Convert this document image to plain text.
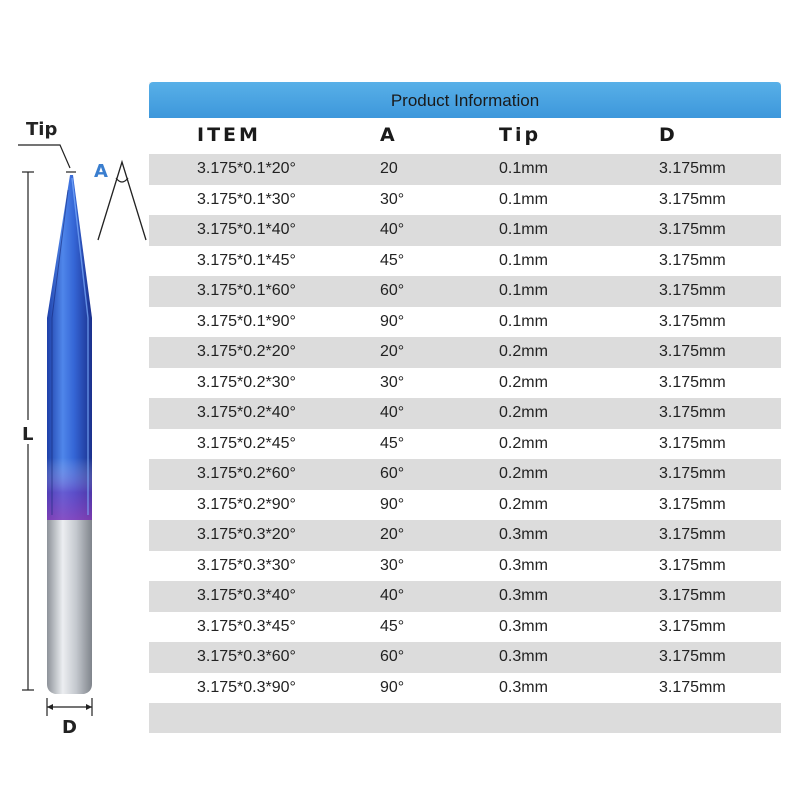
Tip
A
L
D
Product Information
ITEM	A	Tip	D
3.175*0.1*20°	20	0.1mm	3.175mm
3.175*0.1*30°	30°	0.1mm	3.175mm
3.175*0.1*40°	40°	0.1mm	3.175mm
3.175*0.1*45°	45°	0.1mm	3.175mm
3.175*0.1*60°	60°	0.1mm	3.175mm
3.175*0.1*90°	90°	0.1mm	3.175mm
3.175*0.2*20°	20°	0.2mm	3.175mm
3.175*0.2*30°	30°	0.2mm	3.175mm
3.175*0.2*40°	40°	0.2mm	3.175mm
3.175*0.2*45°	45°	0.2mm	3.175mm
3.175*0.2*60°	60°	0.2mm	3.175mm
3.175*0.2*90°	90°	0.2mm	3.175mm
3.175*0.3*20°	20°	0.3mm	3.175mm
3.175*0.3*30°	30°	0.3mm	3.175mm
3.175*0.3*40°	40°	0.3mm	3.175mm
3.175*0.3*45°	45°	0.3mm	3.175mm
3.175*0.3*60°	60°	0.3mm	3.175mm
3.175*0.3*90°	90°	0.3mm	3.175mm
